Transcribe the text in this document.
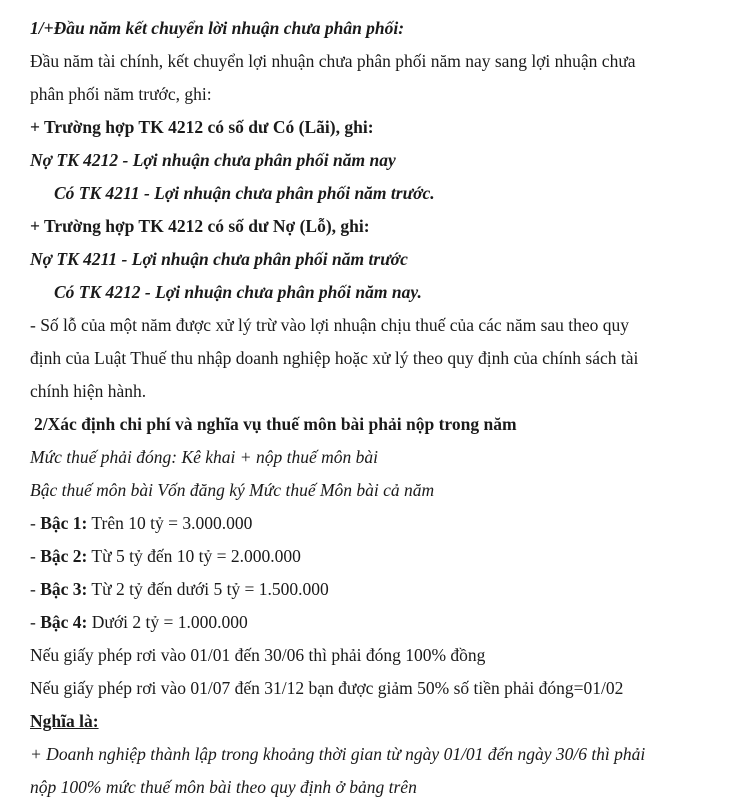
1/+Đầu năm kết chuyển lời nhuận chưa phân phối:
Đầu năm tài chính, kết chuyển lợi nhuận chưa phân phối năm nay sang lợi nhuận chưa
phân phối năm trước, ghi:
+ Trường hợp TK 4212 có số dư Có (Lãi), ghi:
Nợ TK 4212 - Lợi nhuận chưa phân phối năm nay
Có TK 4211 - Lợi nhuận chưa phân phối năm trước.
+ Trường hợp TK 4212 có số dư Nợ (Lỗ), ghi:
Nợ TK 4211 - Lợi nhuận chưa phân phối năm trước
Có TK 4212 - Lợi nhuận chưa phân phối năm nay.
- Số lỗ của một năm được xử lý trừ vào lợi nhuận chịu thuế của các năm sau theo quy
định của Luật Thuế thu nhập doanh nghiệp hoặc xử lý theo quy định của chính sách tài
chính hiện hành.
2/Xác định chi phí và nghĩa vụ thuế môn bài phải nộp trong năm
Mức thuế phải đóng: Kê khai + nộp thuế môn bài
Bậc thuế môn bài Vốn đăng ký Mức thuế Môn bài cả năm
- Bậc 1: Trên 10 tỷ = 3.000.000
- Bậc 2: Từ 5 tỷ đến 10 tỷ = 2.000.000
- Bậc 3: Từ 2 tỷ đến dưới 5 tỷ = 1.500.000
- Bậc 4: Dưới 2 tỷ = 1.000.000
Nếu giấy phép rơi vào 01/01 đến 30/06 thì phải đóng 100% đồng
Nếu giấy phép rơi vào 01/07 đến 31/12 bạn được giảm 50% số tiền phải đóng=01/02
Nghĩa là:
+ Doanh nghiệp thành lập trong khoảng thời gian từ ngày 01/01 đến ngày 30/6 thì phải
nộp 100% mức thuế môn bài theo quy định ở bảng trên
